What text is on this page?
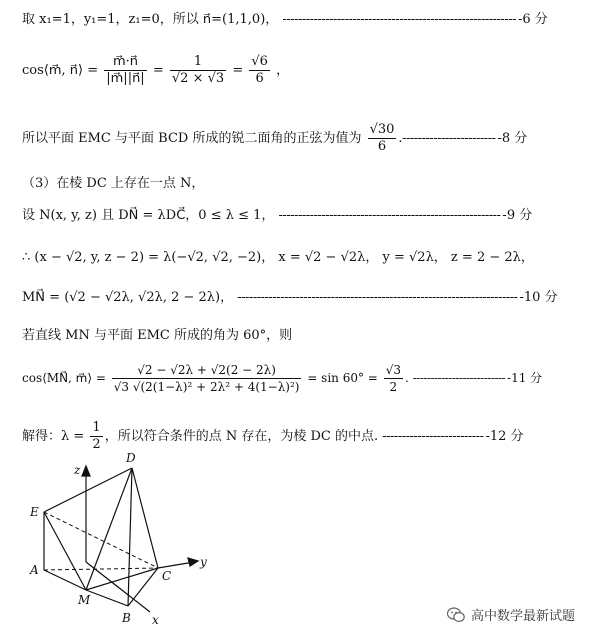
取 x₁=1，y₁=1，z₁=0，所以 n⃗=(1,1,0)， ------------------------------------------------------------ -6 分
cos⟨m⃗, n⃗⟩ = $\frac{m⃗\cdot n⃗}{|m⃗||n⃗|} = \frac{1}{√2 \times √3} = \frac{√6}{6}$ ，
所以平面 EMC 与平面 BCD 所成的锐二面角的正弦为值为 $\frac{√30}{6}$ .------------------------ -8 分
（3）在棱 DC 上存在一点 N，
设 N(x, y, z) 且 DN⃗ = λDC⃗，0 ≤ λ ≤ 1， --------------------------------------------------------- -9 分
∴ (x − √2, y, z − 2) = λ(−√2, √2, −2)， x = √2 − √2λ， y = √2λ， z = 2 − 2λ，
MN⃗ = (√2 − √2λ, √2λ, 2 − 2λ)， ------------------------------------------------------------------------ -10 分
若直线 MN 与平面 EMC 所成的角为 60°，则
cos⟨MN⃗, m⃗⟩ = $\frac{√2 - √2\lambda + √2(2 - 2\lambda)}{\text{√3 √(2(1−λ)² + 2λ² + 4(1−λ)²)}} = \sin 60^\circ = \frac{√3}{2}$ . -------------------------- -11 分
解得：$\lambda = \frac{1}{2}$ ，所以符合条件的点 N 存在，为棱 DC 的中点. -------------------------- -12 分
D
E
A
M
B
C
x
y
z
高中数学最新试题
